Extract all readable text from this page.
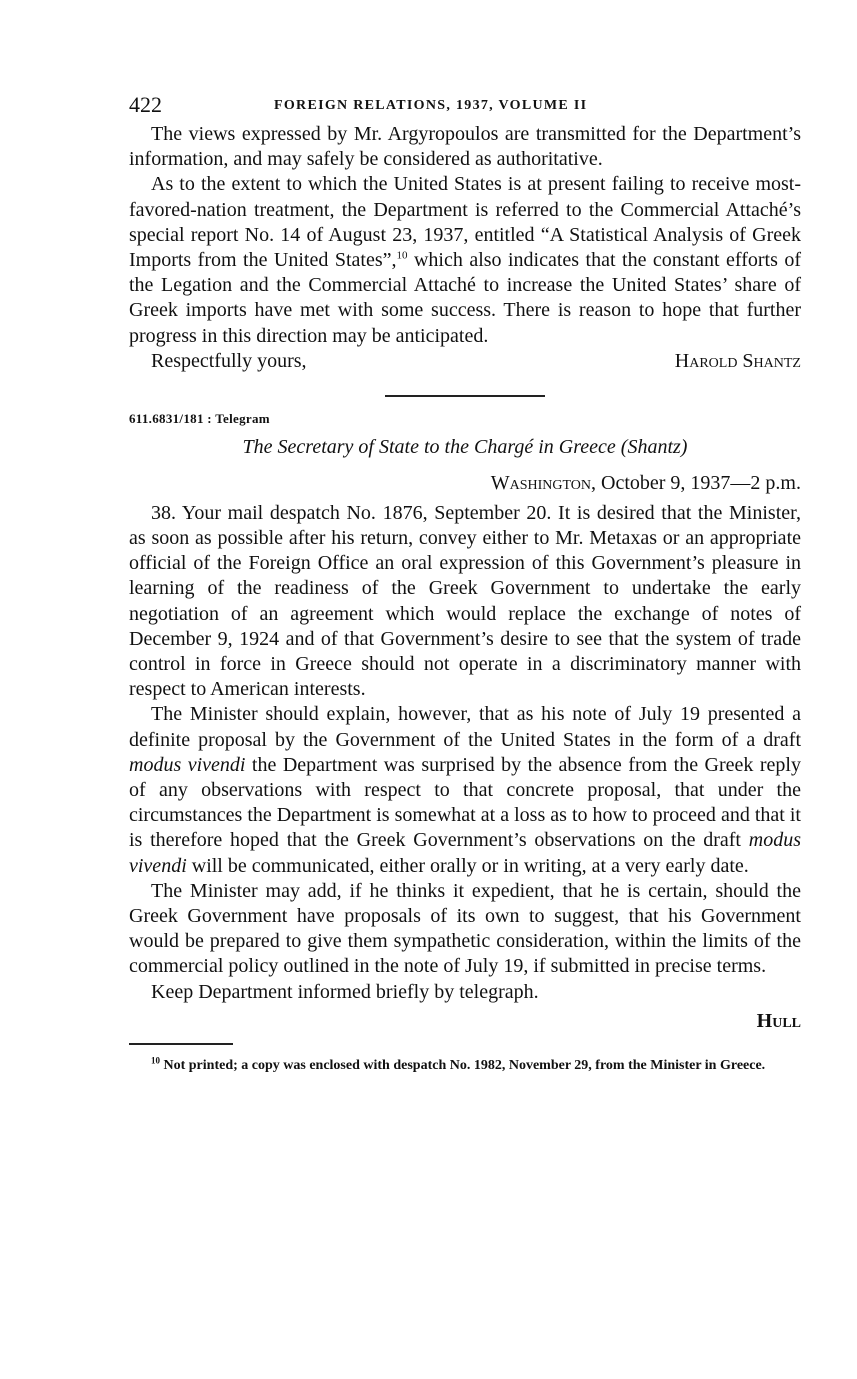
422	FOREIGN RELATIONS, 1937, VOLUME II

The views expressed by Mr. Argyropoulos are transmitted for the Department’s information, and may safely be considered as authoritative.

As to the extent to which the United States is at present failing to receive most-favored-nation treatment, the Department is referred to the Commercial Attaché’s special report No. 14 of August 23, 1937, entitled “A Statistical Analysis of Greek Imports from the United States”,$^{10}$ which also indicates that the constant efforts of the Legation and the Commercial Attaché to increase the United States’ share of Greek imports have met with some success. There is reason to hope that further progress in this direction may be anticipated.

Respectfully yours,	Harold Shantz
611.6831/181 : Telegram
The Secretary of State to the Chargé in Greece (Shantz)
Washington, October 9, 1937—2 p.m.

38. Your mail despatch No. 1876, September 20. It is desired that the Minister, as soon as possible after his return, convey either to Mr. Metaxas or an appropriate official of the Foreign Office an oral expression of this Government’s pleasure in learning of the readiness of the Greek Government to undertake the early negotiation of an agreement which would replace the exchange of notes of December 9, 1924 and of that Government’s desire to see that the system of trade control in force in Greece should not operate in a discriminatory manner with respect to American interests.

The Minister should explain, however, that as his note of July 19 presented a definite proposal by the Government of the United States in the form of a draft modus vivendi the Department was surprised by the absence from the Greek reply of any observations with respect to that concrete proposal, that under the circumstances the Department is somewhat at a loss as to how to proceed and that it is therefore hoped that the Greek Government’s observations on the draft modus vivendi will be communicated, either orally or in writing, at a very early date.

The Minister may add, if he thinks it expedient, that he is certain, should the Greek Government have proposals of its own to suggest, that his Government would be prepared to give them sympathetic consideration, within the limits of the commercial policy outlined in the note of July 19, if submitted in precise terms.

Keep Department informed briefly by telegraph.

Hull

$^{10}$ Not printed; a copy was enclosed with despatch No. 1982, November 29, from the Minister in Greece.
